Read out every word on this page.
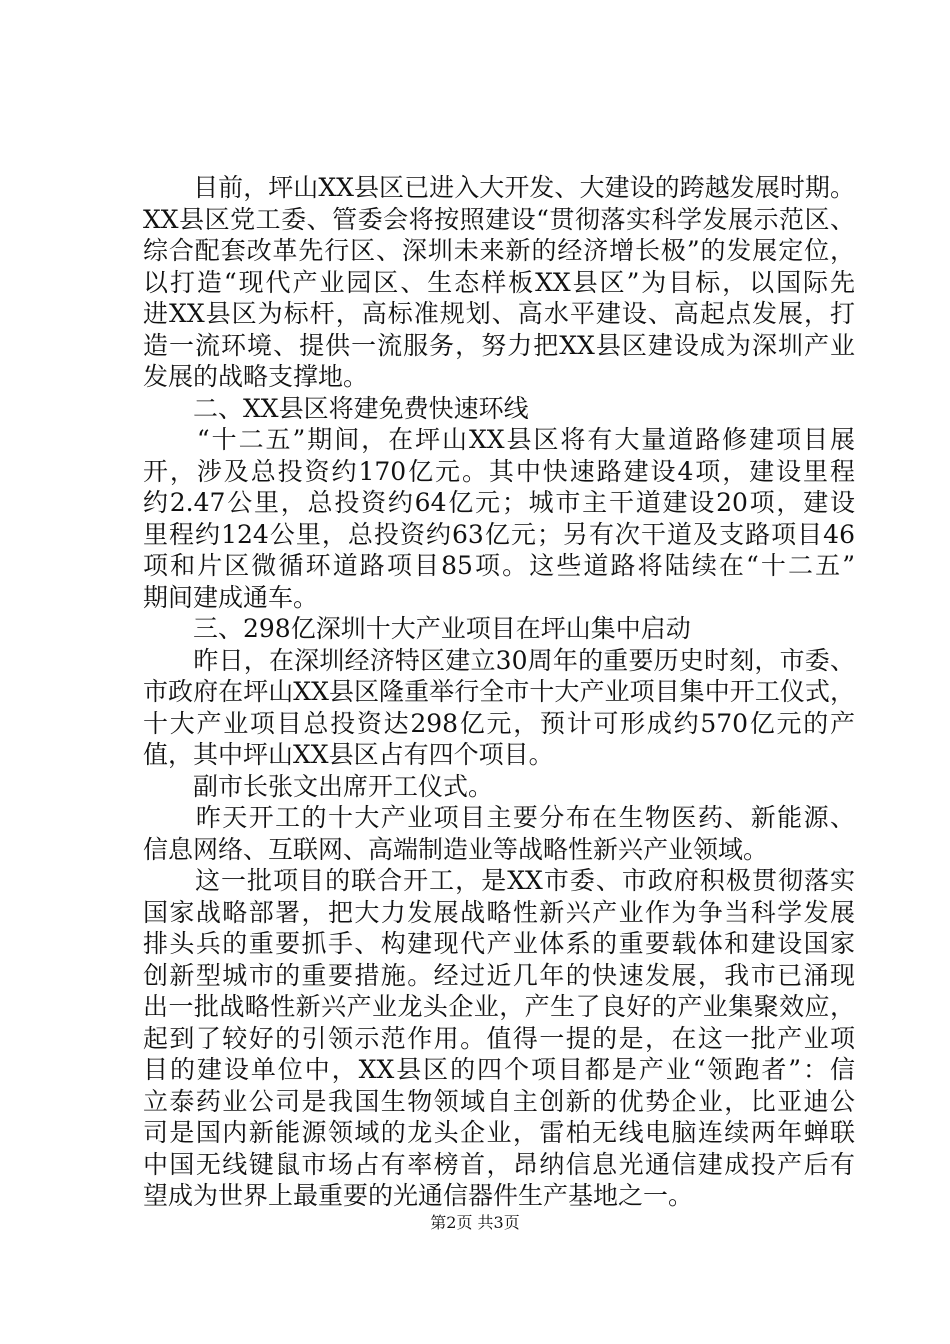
　　目前，坪山XX县区已进入大开发、大建设的跨越发展时期。
XX县区党工委、管委会将按照建设“贯彻落实科学发展示范区、
综合配套改革先行区、深圳未来新的经济增长极”的发展定位，
以打造“现代产业园区、生态样板XX县区”为目标，以国际先
进XX县区为标杆，高标准规划、高水平建设、高起点发展，打
造一流环境、提供一流服务，努力把XX县区建设成为深圳产业
发展的战略支撑地。
　　二、XX县区将建免费快速环线
　　“十二五”期间，在坪山XX县区将有大量道路修建项目展
开，涉及总投资约170亿元。其中快速路建设4项，建设里程
约2.47公里，总投资约64亿元；城市主干道建设20项，建设
里程约124公里，总投资约63亿元；另有次干道及支路项目46
项和片区微循环道路项目85项。这些道路将陆续在“十二五”
期间建成通车。
　　三、298亿深圳十大产业项目在坪山集中启动
　　昨日，在深圳经济特区建立30周年的重要历史时刻，市委、
市政府在坪山XX县区隆重举行全市十大产业项目集中开工仪式，
十大产业项目总投资达298亿元，预计可形成约570亿元的产
值，其中坪山XX县区占有四个项目。
　　副市长张文出席开工仪式。
　　昨天开工的十大产业项目主要分布在生物医药、新能源、
信息网络、互联网、高端制造业等战略性新兴产业领域。
　　这一批项目的联合开工，是XX市委、市政府积极贯彻落实
国家战略部署，把大力发展战略性新兴产业作为争当科学发展
排头兵的重要抓手、构建现代产业体系的重要载体和建设国家
创新型城市的重要措施。经过近几年的快速发展，我市已涌现
出一批战略性新兴产业龙头企业，产生了良好的产业集聚效应，
起到了较好的引领示范作用。值得一提的是，在这一批产业项
目的建设单位中，XX县区的四个项目都是产业“领跑者”：信
立泰药业公司是我国生物领域自主创新的优势企业，比亚迪公
司是国内新能源领域的龙头企业，雷柏无线电脑连续两年蝉联
中国无线键鼠市场占有率榜首，昂纳信息光通信建成投产后有
望成为世界上最重要的光通信器件生产基地之一。
第2页 共3页
